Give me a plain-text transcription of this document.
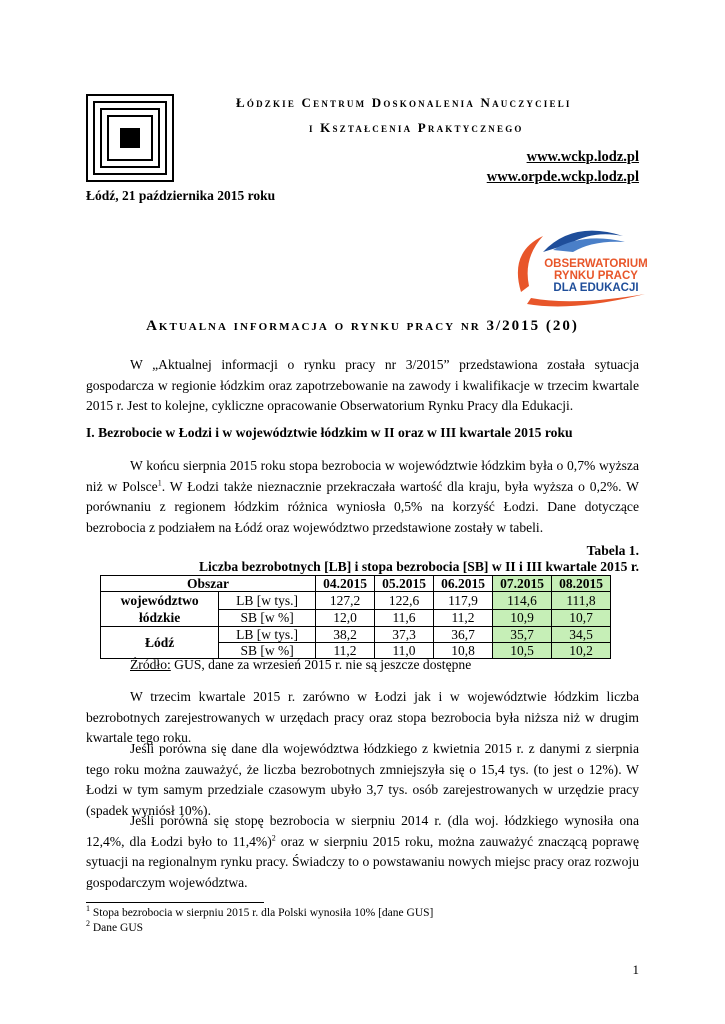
Łódzkie Centrum Doskonalenia Nauczycieli
i Kształcenia Praktycznego
www.wckp.lodz.pl
www.orpde.wckp.lodz.pl
Łódź, 21 października 2015 roku
OBSERWATORIUM
RYNKU PRACY
DLA EDUKACJI
Aktualna informacja o rynku pracy nr 3/2015 (20)
W „Aktualnej informacji o rynku pracy nr 3/2015” przedstawiona została sytuacja gospodarcza w regionie łódzkim oraz zapotrzebowanie na zawody i kwalifikacje w trzecim kwartale 2015 r. Jest to kolejne, cykliczne opracowanie Obserwatorium Rynku Pracy dla Edukacji.
I. Bezrobocie w Łodzi i w województwie łódzkim w II oraz w III kwartale 2015 roku
W końcu sierpnia 2015 roku stopa bezrobocia w województwie łódzkim była o 0,7% wyższa niż w Polsce$^1$. W Łodzi także nieznacznie przekraczała wartość dla kraju, była wyższa o 0,2%. W porównaniu z regionem łódzkim różnica wyniosła 0,5% na korzyść Łodzi. Dane dotyczące bezrobocia z podziałem na Łódź oraz województwo przedstawione zostały w tabeli.
Tabela 1.
Liczba bezrobotnych [LB] i stopa bezrobocia [SB] w II i III kwartale 2015 r.
Obszar		04.2015	05.2015	06.2015	07.2015	08.2015
województwo
łódzkie	LB [w tys.]	127,2	122,6	117,9	114,6	111,8
	SB [w %]	12,0	11,6	11,2	10,9	10,7
Łódź	LB [w tys.]	38,2	37,3	36,7	35,7	34,5
	SB [w %]	11,2	11,0	10,8	10,5	10,2
Źródło: GUS, dane za wrzesień 2015 r. nie są jeszcze dostępne
W trzecim kwartale 2015 r. zarówno w Łodzi jak i w województwie łódzkim liczba bezrobotnych zarejestrowanych w urzędach pracy oraz stopa bezrobocia była niższa niż w drugim kwartale tego roku.
Jeśli porówna się dane dla województwa łódzkiego z kwietnia 2015 r. z danymi z sierpnia tego roku można zauważyć, że liczba bezrobotnych zmniejszyła się o 15,4 tys. (to jest o 12%). W Łodzi w tym samym przedziale czasowym ubyło 3,7 tys. osób zarejestrowanych w urzędzie pracy (spadek wyniósł 10%).
Jeśli porówna się stopę bezrobocia w sierpniu 2014 r. (dla woj. łódzkiego wynosiła ona 12,4%, dla Łodzi było to 11,4%)$^2$ oraz w sierpniu 2015 roku, można zauważyć znaczącą poprawę sytuacji na regionalnym rynku pracy. Świadczy to o powstawaniu nowych miejsc pracy oraz rozwoju gospodarczym województwa.
$^1$ Stopa bezrobocia w sierpniu 2015 r. dla Polski wynosiła 10% [dane GUS]
$^2$ Dane GUS
1
